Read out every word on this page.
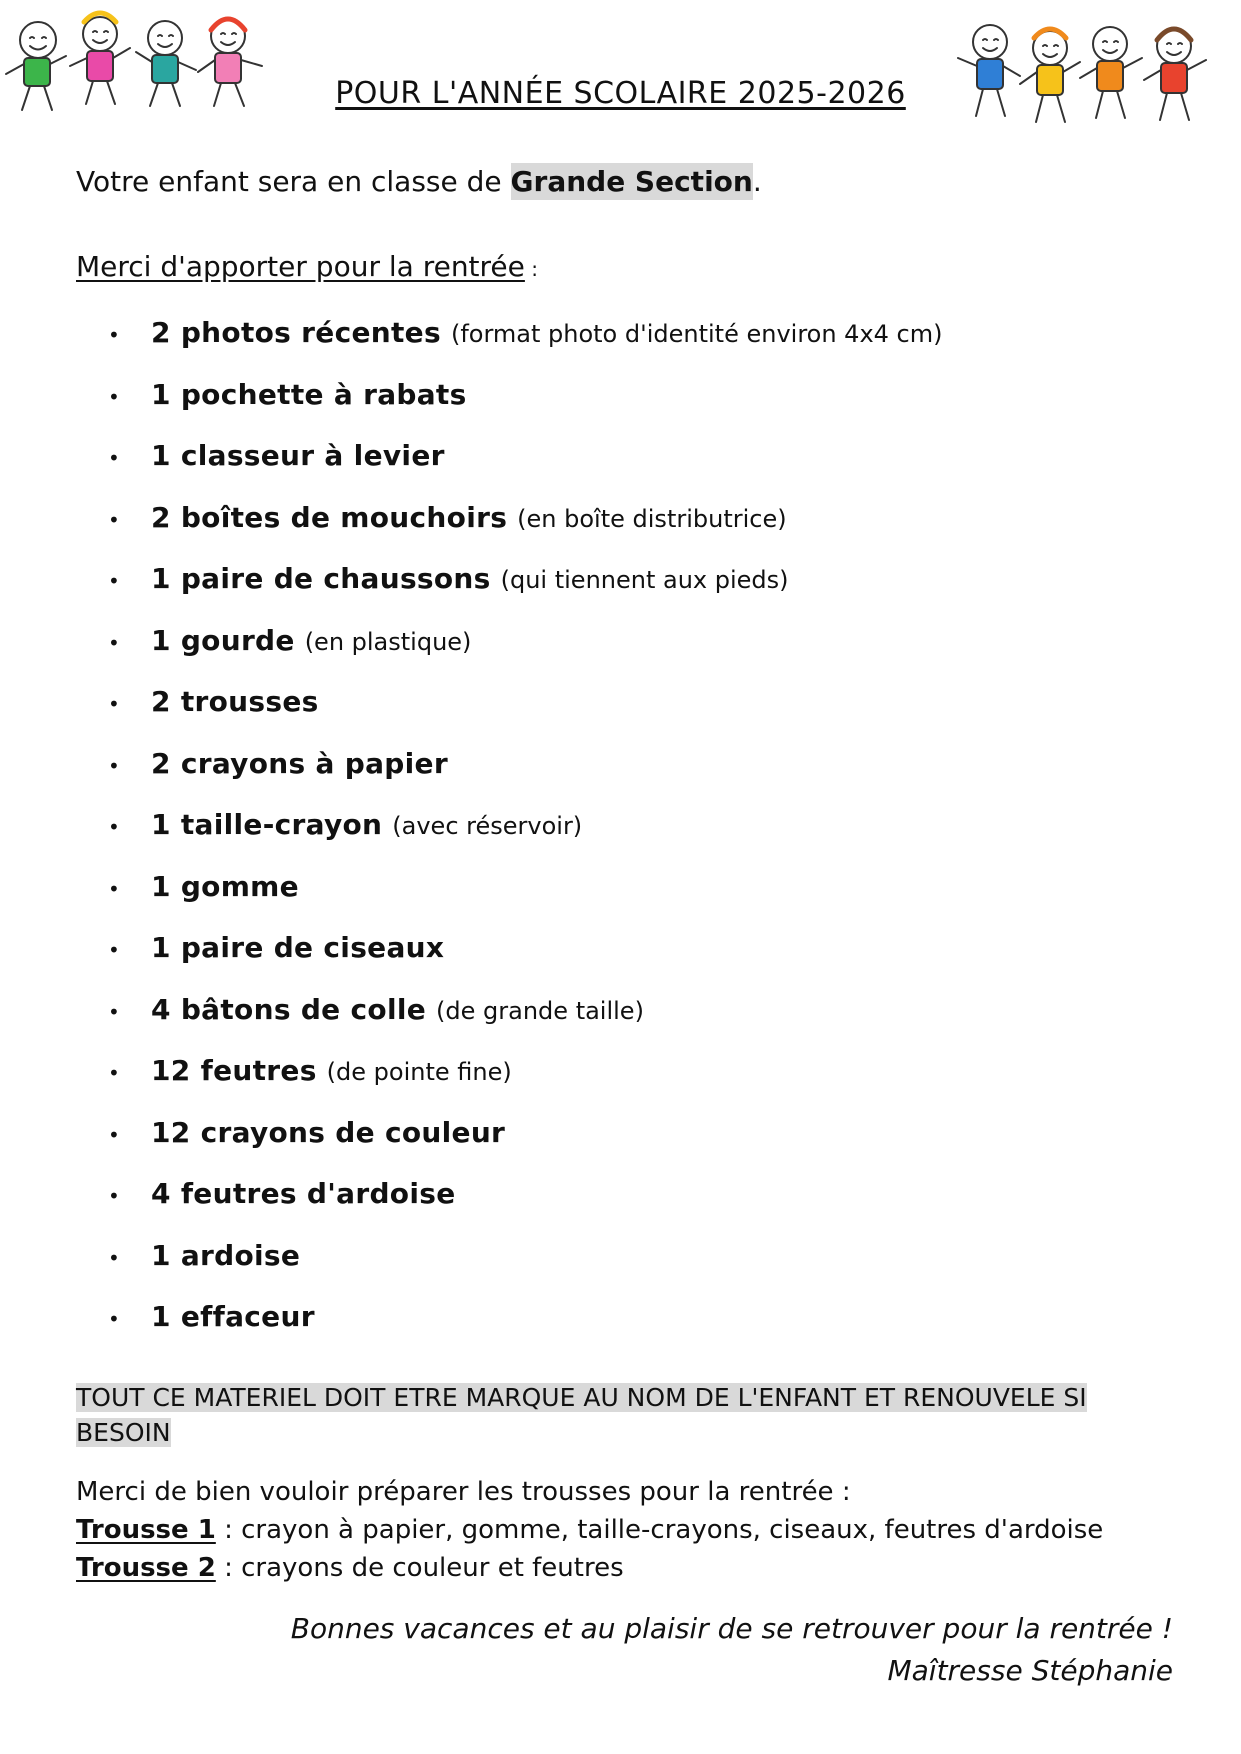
POUR L'ANNÉE SCOLAIRE 2025-2026
Votre enfant sera en classe de Grande Section.
Merci d'apporter pour la rentrée :
•	2 photos récentes (format photo d'identité environ 4x4 cm)
•	1 pochette à rabats
•	1 classeur à levier
•	2 boîtes de mouchoirs (en boîte distributrice)
•	1 paire de chaussons (qui tiennent aux pieds)
•	1 gourde (en plastique)
•	2 trousses
•	2 crayons à papier
•	1 taille-crayon (avec réservoir)
•	1 gomme
•	1 paire de ciseaux
•	4 bâtons de colle (de grande taille)
•	12 feutres (de pointe fine)
•	12 crayons de couleur
•	4 feutres d'ardoise
•	1 ardoise
•	1 effaceur
TOUT CE MATERIEL DOIT ETRE MARQUE AU NOM DE L'ENFANT ET RENOUVELE SI BESOIN
Merci de bien vouloir préparer les trousses pour la rentrée :
Trousse 1 : crayon à papier, gomme, taille-crayons, ciseaux, feutres d'ardoise
Trousse 2 : crayons de couleur et feutres
Bonnes vacances et au plaisir de se retrouver pour la rentrée !
Maîtresse Stéphanie
